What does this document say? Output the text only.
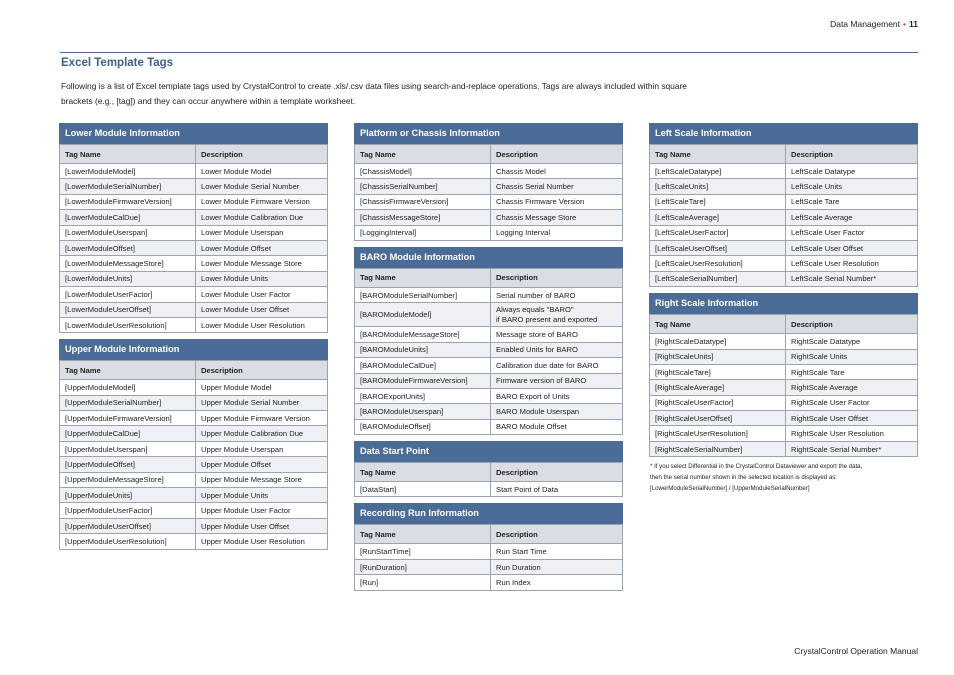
Data Management • 11
Excel Template Tags
Following is a list of Excel template tags used by CrystalControl to create .xls/.csv data files using search-and-replace operations. Tags are always included within square brackets (e.g., [tag]) and they can occur anywhere within a template worksheet.
Lower Module Information
Tag Name	Description
[LowerModuleModel]	Lower Module Model
[LowerModuleSerialNumber]	Lower Module Serial Number
[LowerModuleFirmwareVersion]	Lower Module Firmware Version
[LowerModuleCalDue]	Lower Module Calibration Due
[LowerModuleUserspan]	Lower Module Userspan
[LowerModuleOffset]	Lower Module Offset
[LowerModuleMessageStore]	Lower Module Message Store
[LowerModuleUnits]	Lower Module Units
[LowerModuleUserFactor]	Lower Module User Factor
[LowerModuleUserOffset]	Lower Module User Offset
[LowerModuleUserResolution]	Lower Module User Resolution
Upper Module Information
Tag Name	Description
[UpperModuleModel]	Upper Module Model
[UpperModuleSerialNumber]	Upper Module Serial Number
[UpperModuleFirmwareVersion]	Upper Module Firmware Version
[UpperModuleCalDue]	Upper Module Calibration Due
[UpperModuleUserspan]	Upper Module Userspan
[UpperModuleOffset]	Upper Module Offset
[UpperModuleMessageStore]	Upper Module Message Store
[UpperModuleUnits]	Upper Module Units
[UpperModuleUserFactor]	Upper Module User Factor
[UpperModuleUserOffset]	Upper Module User Offset
[UpperModuleUserResolution]	Upper Module User Resolution
Platform or Chassis Information
Tag Name	Description
[ChassisModel]	Chassis Model
[ChassisSerialNumber]	Chassis Serial Number
[ChassisFirmwareVersion]	Chassis Firmware Version
[ChassisMessageStore]	Chassis Message Store
[LoggingInterval]	Logging Interval
BARO Module Information
Tag Name	Description
[BAROModuleSerialNumber]	Serial number of BARO
[BAROModuleModel]	Always equals "BARO"
if BARO present and exported
[BAROModuleMessageStore]	Message store of BARO
[BAROModuleUnits]	Enabled Units for BARO
[BAROModuleCalDue]	Calibration due date for BARO
[BAROModuleFirmwareVersion]	Firmware version of BARO
[BAROExportUnits]	BARO Export of Units
[BAROModuleUserspan]	BARO Module Userspan
[BAROModuleOffset]	BARO Module Offset
Data Start Point
Tag Name	Description
[DataStart]	Start Point of Data
Recording Run Information
Tag Name	Description
[RunStartTime]	Run Start Time
[RunDuration]	Run Duration
[Run]	Run Index
Left Scale Information
Tag Name	Description
[LeftScaleDatatype]	LeftScale Datatype
[LeftScaleUnits]	LeftScale Units
[LeftScaleTare]	LeftScale Tare
[LeftScaleAverage]	LeftScale Average
[LeftScaleUserFactor]	LeftScale User Factor
[LeftScaleUserOffset]	LeftScale User Offset
[LeftScaleUserResolution]	LeftScale User Resolution
[LeftScaleSerialNumber]	LeftScale Serial Number*
Right Scale Information
Tag Name	Description
[RightScaleDatatype]	RightScale Datatype
[RightScaleUnits]	RightScale Units
[RightScaleTare]	RightScale Tare
[RightScaleAverage]	RightScale Average
[RightScaleUserFactor]	RightScale User Factor
[RightScaleUserOffset]	RightScale User Offset
[RightScaleUserResolution]	RightScale User Resolution
[RightScaleSerialNumber]	RightScale Serial Number*
* If you select Differential in the CrystalControl Dataviewer and export the data,
then the serial number shown in the selected location is displayed as:
[LowerModuleSerialNumber] / [UpperModuleSerialNumber]
CrystalControl Operation Manual
